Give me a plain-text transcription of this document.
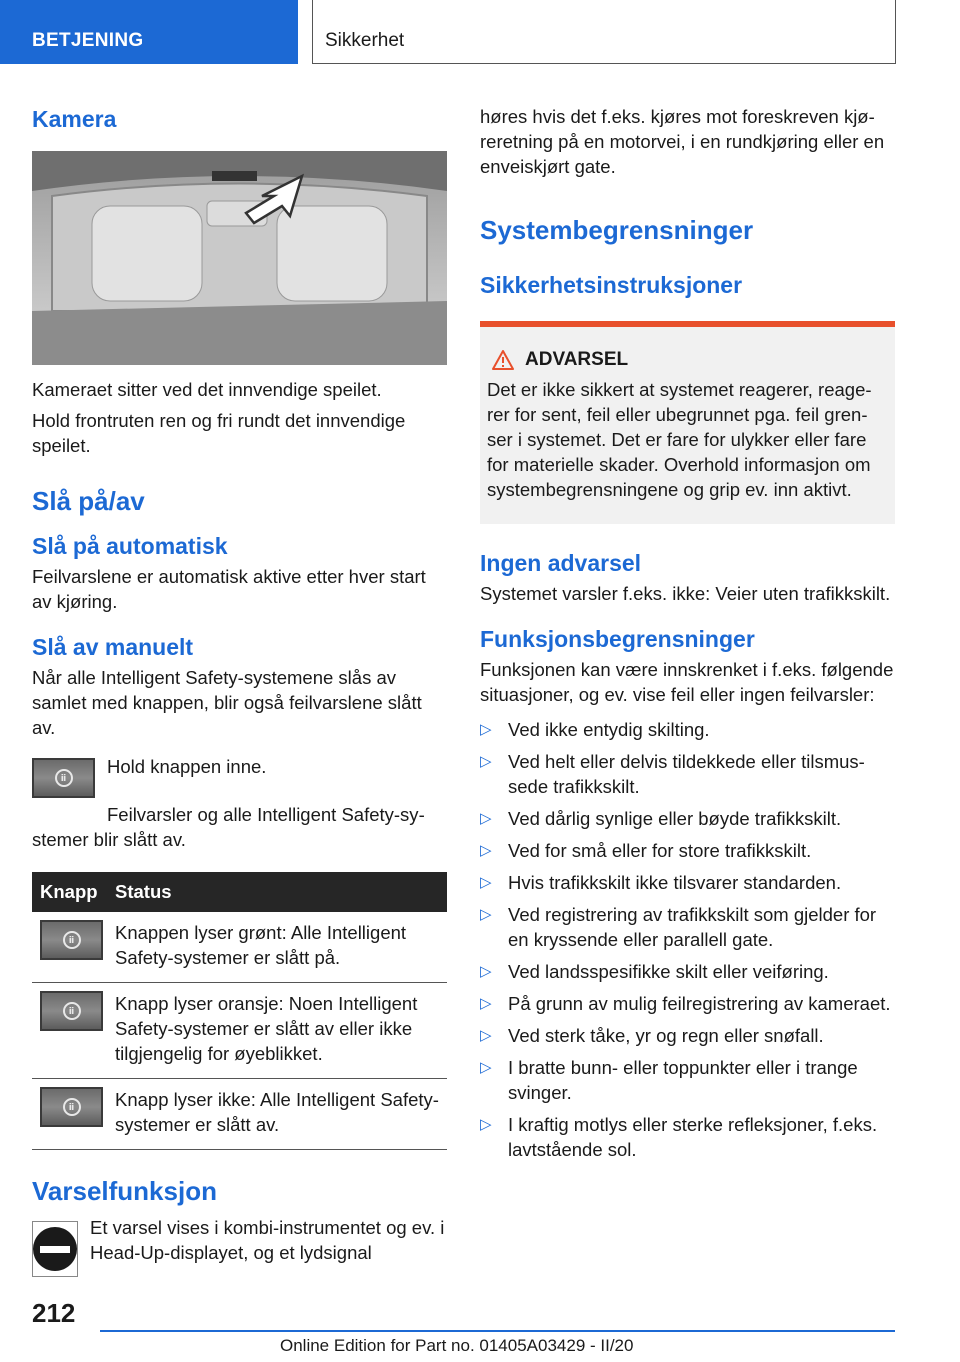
BETJENING	Sikkerhet
Kamera

Kameraet sitter ved det innvendige speilet.

Hold frontruten ren og fri rundt det innvendige speilet.

Slå på/av
Slå på automatisk

Feilvarslene er automatisk aktive etter hver start av kjøring.

Slå av manuelt

Når alle Intelligent Safety-systemene slås av samlet med knappen, blir også feilvarslene slått av.

ⅱ

Hold knappen inne.

Feilvarsler og alle Intelligent Safety-systemer blir slått av.

Knapp	Status

ⅱ	Knappen lyser grønt: Alle Intelligent Safety-systemer er slått på.

ⅱ	Knapp lyser oransje: Noen Intelligent Safety-systemer er slått av eller ikke tilgjengelig for øyeblikket.

ⅱ	Knapp lyser ikke: Alle Intelligent Safety-systemer er slått av.
Varselfunksjon

Et varsel vises i kombi-instrumentet og ev. i Head-Up-displayet, og et lydsignal

høres hvis det f.eks. kjøres mot foreskreven kjøreretning på en motorvei, i en rundkjøring eller en enveiskjørt gate.

Systembegrensninger
Sikkerhetsinstruksjoner
ADVARSEL

Det er ikke sikkert at systemet reagerer, reagerer for sent, feil eller ubegrunnet pga. feil grenser i systemet. Det er fare for ulykker eller fare for materielle skader. Overhold informasjon om systembegrensningene og grip ev. inn aktivt.

Ingen advarsel

Systemet varsler f.eks. ikke: Veier uten trafikkskilt.

Funksjonsbegrensninger

Funksjonen kan være innskrenket i f.eks. følgende situasjoner, og ev. vise feil eller ingen feilvarsler:

▷ Ved ikke entydig skilting.
▷ Ved helt eller delvis tildekkede eller tilsmussede trafikkskilt.
▷ Ved dårlig synlige eller bøyde trafikkskilt.
▷ Ved for små eller for store trafikkskilt.
▷ Hvis trafikkskilt ikke tilsvarer standarden.
▷ Ved registrering av trafikkskilt som gjelder for en kryssende eller parallell gate.
▷ Ved landsspesifikke skilt eller veiføring.
▷ På grunn av mulig feilregistrering av kameraet.
▷ Ved sterk tåke, yr og regn eller snøfall.
▷ I bratte bunn- eller toppunkter eller i trange svinger.
▷ I kraftig motlys eller sterke refleksjoner, f.eks. lavtstående sol.
212
Online Edition for Part no. 01405A03429 - II/20
